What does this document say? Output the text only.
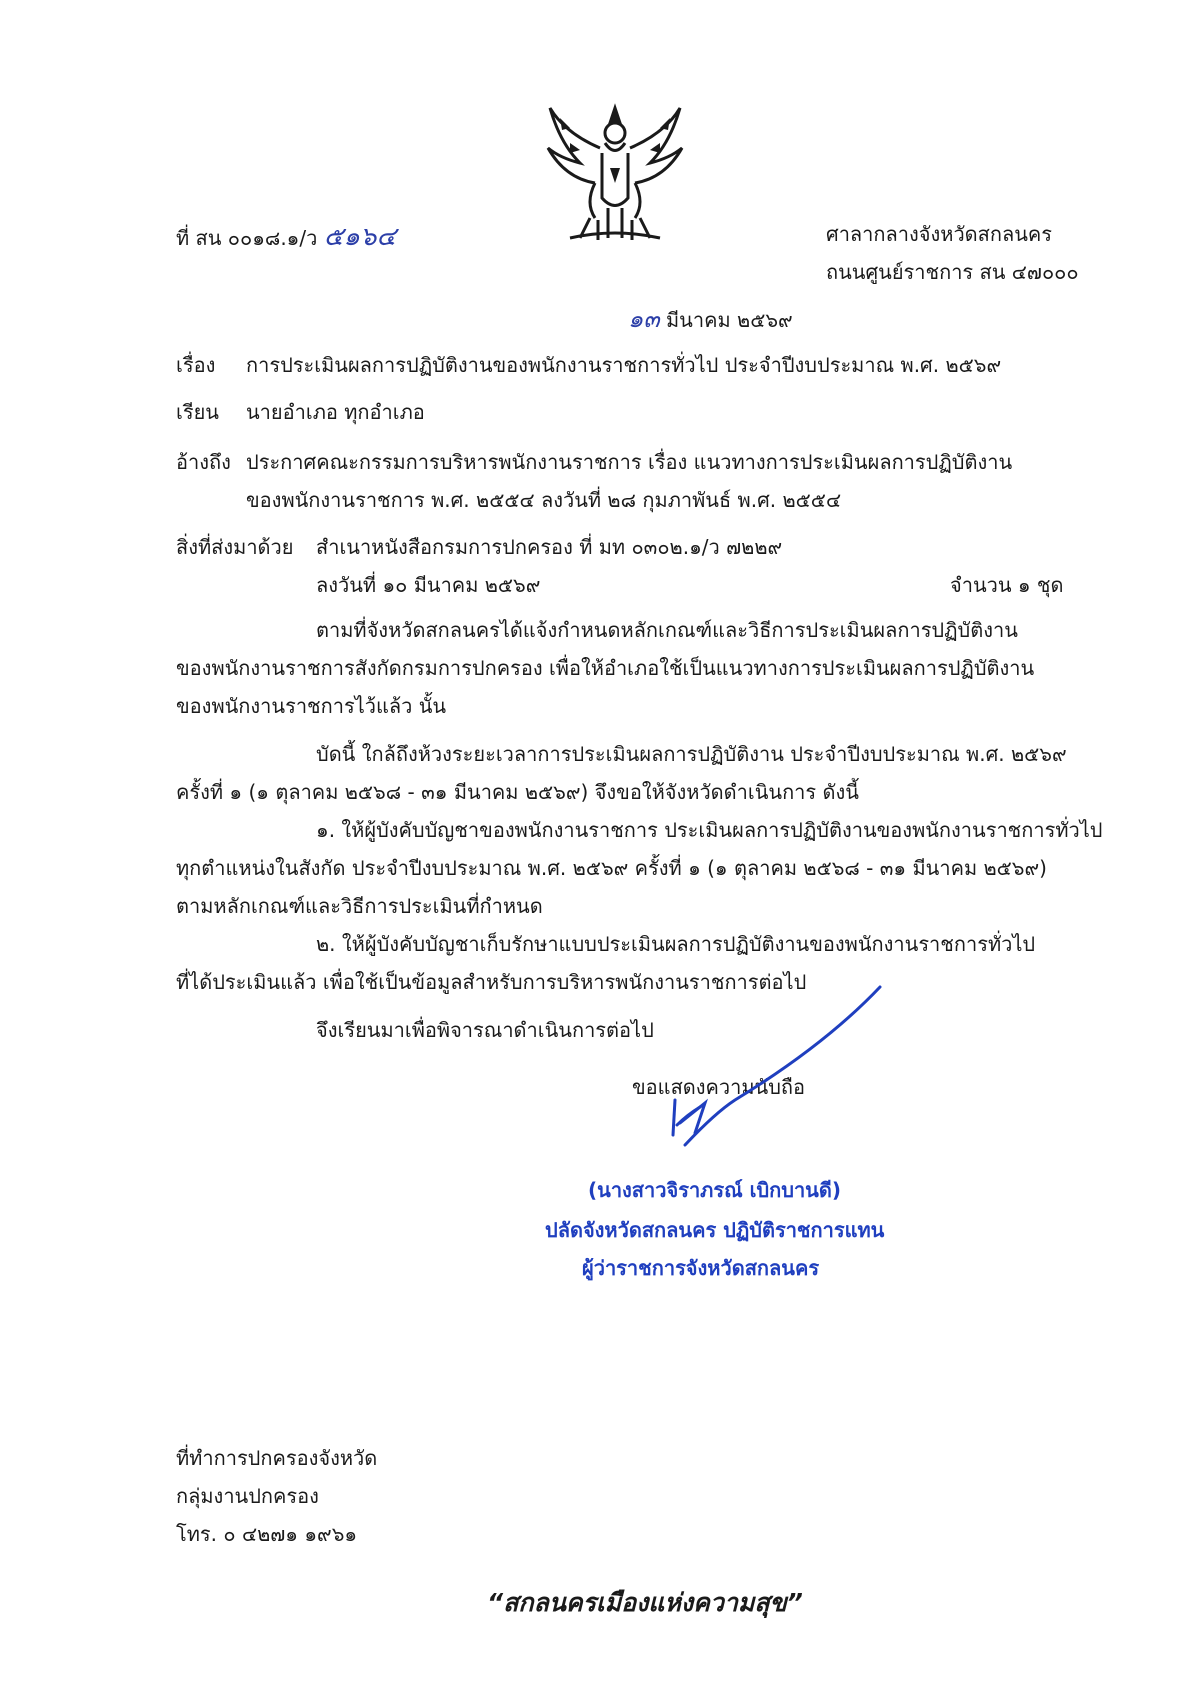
ที่ สน ๐๐๑๘.๑/ว ๕๑๖๔	ศาลากลางจังหวัดสกลนคร
ถนนศูนย์ราชการ สน ๔๗๐๐๐
๑๓ มีนาคม ๒๕๖๙
เรื่อง การประเมินผลการปฏิบัติงานของพนักงานราชการทั่วไป ประจำปีงบประมาณ พ.ศ. ๒๕๖๙
เรียน นายอำเภอ ทุกอำเภอ
อ้างถึง ประกาศคณะกรรมการบริหารพนักงานราชการ เรื่อง แนวทางการประเมินผลการปฏิบัติงาน
ของพนักงานราชการ พ.ศ. ๒๕๕๔ ลงวันที่ ๒๘ กุมภาพันธ์ พ.ศ. ๒๕๕๔
สิ่งที่ส่งมาด้วย สำเนาหนังสือกรมการปกครอง ที่ มท ๐๓๐๒.๑/ว ๗๒๒๙
ลงวันที่ ๑๐ มีนาคม ๒๕๖๙	จำนวน ๑ ชุด
ตามที่จังหวัดสกลนครได้แจ้งกำหนดหลักเกณฑ์และวิธีการประเมินผลการปฏิบัติงาน
ของพนักงานราชการสังกัดกรมการปกครอง เพื่อให้อำเภอใช้เป็นแนวทางการประเมินผลการปฏิบัติงาน
ของพนักงานราชการไว้แล้ว นั้น
บัดนี้ ใกล้ถึงห้วงระยะเวลาการประเมินผลการปฏิบัติงาน ประจำปีงบประมาณ พ.ศ. ๒๕๖๙
ครั้งที่ ๑ (๑ ตุลาคม ๒๕๖๘ - ๓๑ มีนาคม ๒๕๖๙) จึงขอให้จังหวัดดำเนินการ ดังนี้
๑. ให้ผู้บังคับบัญชาของพนักงานราชการ ประเมินผลการปฏิบัติงานของพนักงานราชการทั่วไป
ทุกตำแหน่งในสังกัด ประจำปีงบประมาณ พ.ศ. ๒๕๖๙ ครั้งที่ ๑ (๑ ตุลาคม ๒๕๖๘ - ๓๑ มีนาคม ๒๕๖๙)
ตามหลักเกณฑ์และวิธีการประเมินที่กำหนด
๒. ให้ผู้บังคับบัญชาเก็บรักษาแบบประเมินผลการปฏิบัติงานของพนักงานราชการทั่วไป
ที่ได้ประเมินแล้ว เพื่อใช้เป็นข้อมูลสำหรับการบริหารพนักงานราชการต่อไป
จึงเรียนมาเพื่อพิจารณาดำเนินการต่อไป
ขอแสดงความนับถือ
(นางสาวจิราภรณ์ เบิกบานดี)
ปลัดจังหวัดสกลนคร ปฏิบัติราชการแทน
ผู้ว่าราชการจังหวัดสกลนคร
ที่ทำการปกครองจังหวัด
กลุ่มงานปกครอง
โทร. ๐ ๔๒๗๑ ๑๙๖๑
“สกลนครเมืองแห่งความสุข”
